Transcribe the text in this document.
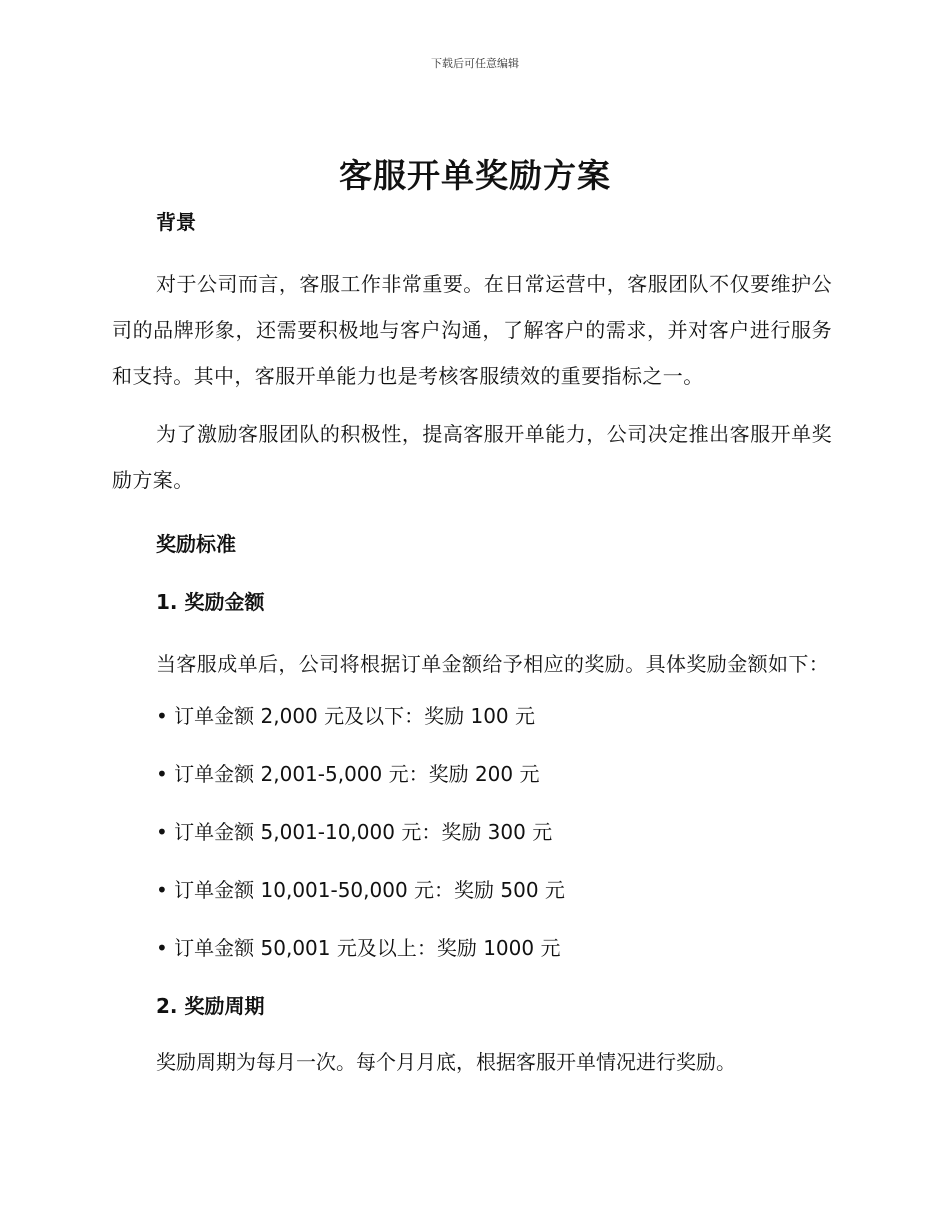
下载后可任意编辑
客服开单奖励方案

背景

对于公司而言，客服工作非常重要。在日常运营中，客服团队不仅要维护公司的品牌形象，还需要积极地与客户沟通，了解客户的需求，并对客户进行服务和支持。其中，客服开单能力也是考核客服绩效的重要指标之一。

为了激励客服团队的积极性，提高客服开单能力，公司决定推出客服开单奖励方案。

奖励标准

1. 奖励金额

当客服成单后，公司将根据订单金额给予相应的奖励。具体奖励金额如下：

• 订单金额 2,000 元及以下：奖励 100 元

• 订单金额 2,001-5,000 元：奖励 200 元

• 订单金额 5,001-10,000 元：奖励 300 元

• 订单金额 10,001-50,000 元：奖励 500 元

• 订单金额 50,001 元及以上：奖励 1000 元

2. 奖励周期

奖励周期为每月一次。每个月月底，根据客服开单情况进行奖励。
